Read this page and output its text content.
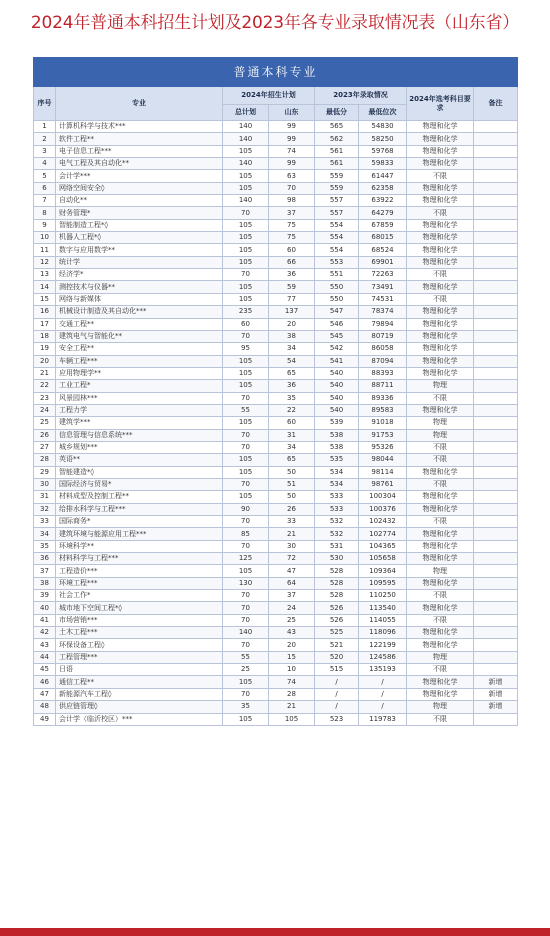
2024年普通本科招生计划及2023年各专业录取情况表（山东省）
普通本科专业							
序号	专业	2024年招生计划		2023年录取情况		2024年选考科目要求	备注
		总计划	山东	最低分	最低位次		
1	计算机科学与技术***	140	99	565	54830	物理和化学	
2	软件工程**	140	99	562	58250	物理和化学	
3	电子信息工程***	105	74	561	59768	物理和化学	
4	电气工程及其自动化**	140	99	561	59833	物理和化学	
5	会计学***	105	63	559	61447	不限	
6	网络空间安全◊	105	70	559	62358	物理和化学	
7	自动化**	140	98	557	63922	物理和化学	
8	财务管理*	70	37	557	64279	不限	
9	智能制造工程*◊	105	75	554	67859	物理和化学	
10	机器人工程*◊	105	75	554	68015	物理和化学	
11	数字与应用数学**	105	60	554	68524	物理和化学	
12	统计学	105	66	553	69901	物理和化学	
13	经济学*	70	36	551	72263	不限	
14	测控技术与仪器**	105	59	550	73491	物理和化学	
15	网络与新媒体	105	77	550	74531	不限	
16	机械设计制造及其自动化***	235	137	547	78374	物理和化学	
17	交通工程**	60	20	546	79894	物理和化学	
18	建筑电气与智能化**	70	38	545	80719	物理和化学	
19	安全工程**	95	34	542	86058	物理和化学	
20	车辆工程***	105	54	541	87094	物理和化学	
21	应用物理学**	105	65	540	88393	物理和化学	
22	工业工程*	105	36	540	88711	物理	
23	风景园林***	70	35	540	89336	不限	
24	工程力学	55	22	540	89583	物理和化学	
25	建筑学***	105	60	539	91018	物理	
26	信息管理与信息系统***	70	31	538	91753	物理	
27	城乡规划***	70	34	538	95326	不限	
28	英语**	105	65	535	98044	不限	
29	智能建造*◊	105	50	534	98114	物理和化学	
30	国际经济与贸易*	70	51	534	98761	不限	
31	材料成型及控制工程**	105	50	533	100304	物理和化学	
32	给排水科学与工程***	90	26	533	100376	物理和化学	
33	国际商务*	70	33	532	102432	不限	
34	建筑环境与能源应用工程***	85	21	532	102774	物理和化学	
35	环境科学**	70	30	531	104365	物理和化学	
36	材料科学与工程***	125	72	530	105658	物理和化学	
37	工程造价***	105	47	528	109364	物理	
38	环境工程***	130	64	528	109595	物理和化学	
39	社会工作*	70	37	528	110250	不限	
40	城市地下空间工程*◊	70	24	526	113540	物理和化学	
41	市场营销***	70	25	526	114055	不限	
42	土木工程***	140	43	525	118096	物理和化学	
43	环保设备工程◊	70	20	521	122199	物理和化学	
44	工程管理***	55	15	520	124586	物理	
45	日语	25	10	515	135193	不限	
46	通信工程**	105	74	/	/	物理和化学	新增
47	新能源汽车工程◊	70	28	/	/	物理和化学	新增
48	供应链管理◊	35	21	/	/	物理	新增
49	会计学（临沂校区）***	105	105	523	119783	不限	
